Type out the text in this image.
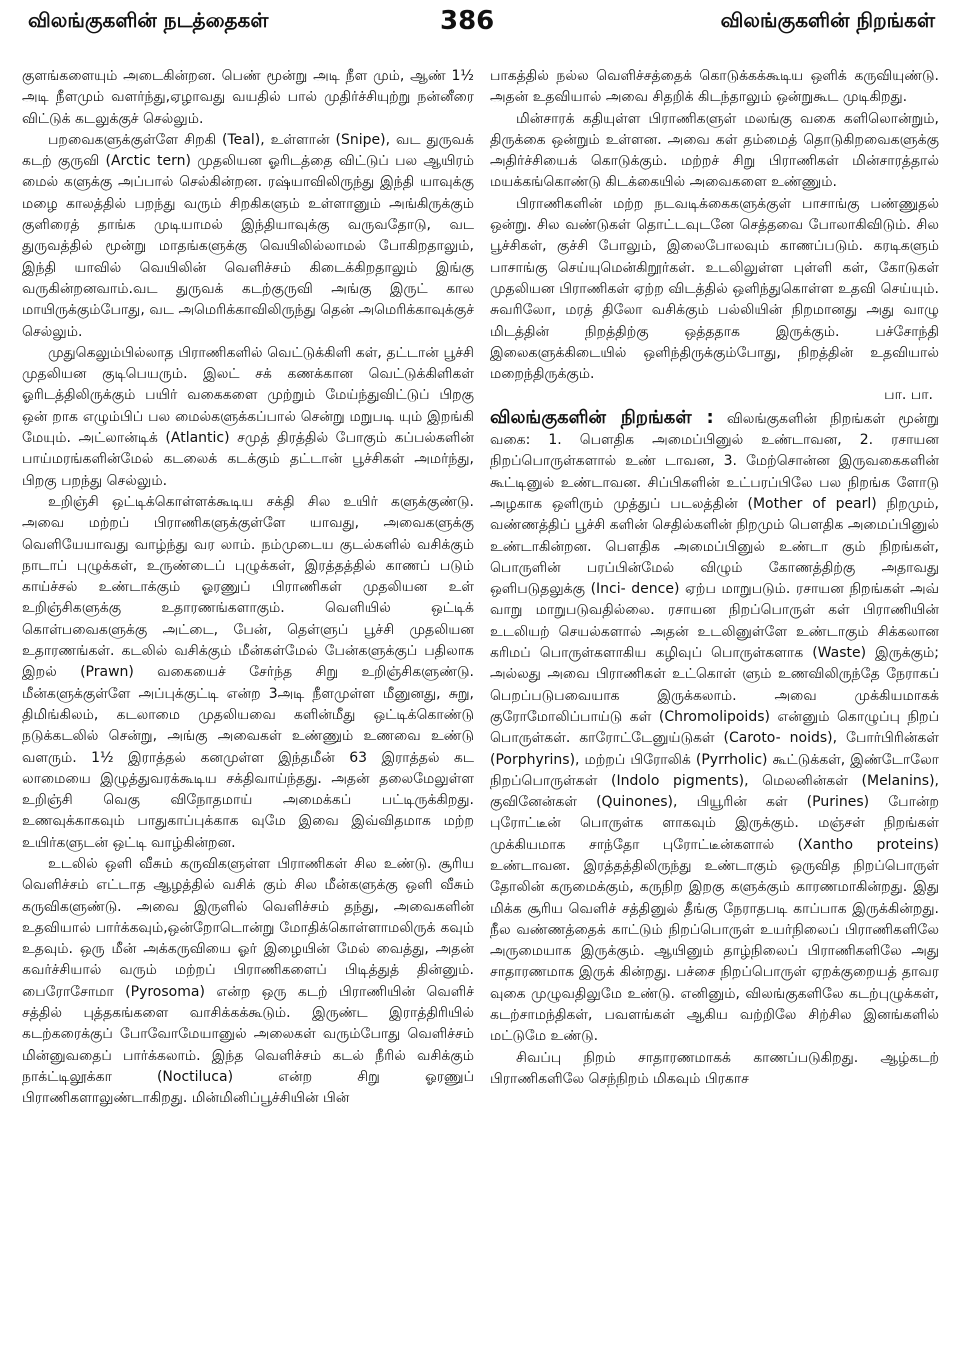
விலங்குகளின் நடத்தைகள்	386	விலங்குகளின் நிறங்கள்

குளங்களையும் அடைகின்றன. பெண் மூன்று அடி நீள மும், ஆண் 1½ அடி நீளமும் வளர்ந்து,ஏழாவது வயதில் பால் முதிர்ச்சியுற்று நன்னீரை விட்டுக் கடலுக்குச் செல்லும்.

பறவைகளுக்குள்ளே சிறகி (Teal), உள்ளான் (Snipe), வட துருவக் கடற் குருவி (Arctic tern) முதலியன ஓரிடத்தை விட்டுப் பல ஆயிரம் மைல் களுக்கு அப்பால் செல்கின்றன. ரஷ்யாவிலிருந்து இந்தி யாவுக்கு மழை காலத்தில் பறந்து வரும் சிறகிகளும் உள்ளானும் அங்கிருக்கும் குளிரைத் தாங்க முடியாமல் இந்தியாவுக்கு வருவதோடு, வட துருவத்தில் மூன்று மாதங்களுக்கு வெயிலில்லாமல் போகிறதாலும், இந்தி யாவில் வெயிலின் வெளிச்சம் கிடைக்கிறதாலும் இங்கு வருகின்றனவாம்.வட துருவக் கடற்குருவி அங்கு இருட் கால மாயிருக்கும்போது, வட அமெரிக்காவிலிருந்து தென் அமெரிக்காவுக்குச் செல்லும்.

முதுகெலும்பில்லாத பிராணிகளில் வெட்டுக்கிளி கள், தட்டான் பூச்சி முதலியன குடிபெயரும். இலட் சக் கணக்கான வெட்டுக்கிளிகள் ஓரிடத்திலிருக்கும் பயிர் வகைகளை முற்றும் மேய்ந்துவிட்டுப் பிறகு ஒன் றாக எழும்பிப் பல மைல்களுக்கப்பால் சென்று மறுபடி யும் இறங்கி மேயும். அட்லான்டிக் (Atlantic) சமுத் திரத்தில் போகும் கப்பல்களின் பாய்மரங்களின்மேல் கடலைக் கடக்கும் தட்டான் பூச்சிகள் அமர்ந்து, பிறகு பறந்து செல்லும்.

உறிஞ்சி ஒட்டிக்கொள்ளக்கூடிய சக்தி சில உயிர் களுக்குண்டு. அவை மற்றப் பிராணிகளுக்குள்ளே யாவது, அவைகளுக்கு வெளியேயாவது வாழ்ந்து வர லாம். நம்முடைய குடல்களில் வசிக்கும் நாடாப் புழுக்கள், உருண்டைப் புழுக்கள், இரத்தத்தில் காணப் படும் காய்ச்சல் உண்டாக்கும் ஓரணுப் பிராணிகள் முதலியன உள் உறிஞ்சிகளுக்கு உதாரணங்களாகும். வெளியில் ஒட்டிக் கொள்பவைகளுக்கு அட்டை, பேன், தெள்ளுப் பூச்சி முதலியன உதாரணங்கள். கடலில் வசிக்கும் மீன்கள்மேல் பேன்களுக்குப் பதிலாக இறல் (Prawn) வகையைச் சேர்ந்த சிறு உறிஞ்சிகளுண்டு. மீன்களுக்குள்ளே அப்புக்குட்டி என்ற 3அடி நீளமுள்ள மீனுனது, சுறு, திமிங்கிலம், கடலாமை முதலியவை களின்மீது ஒட்டிக்கொண்டு நடுக்கடலில் சென்று, அங்கு அவைகள் உண்ணும் உணவை உண்டு வளரும். 1½ இராத்தல் கனமுள்ள இந்தமீன் 63 இராத்தல் கட லாமையை இழுத்துவரக்கூடிய சக்திவாய்ந்தது. அதன் தலைமேலுள்ள உறிஞ்சி வெகு விநோதமாய் அமைக்கப் பட்டிருக்கிறது. உணவுக்காகவும் பாதுகாப்புக்காக வுமே இவை இவ்விதமாக மற்ற உயிர்களுடன் ஒட்டி வாழ்கின்றன.

உடலில் ஒளி வீசும் கருவிகளுள்ள பிராணிகள் சில உண்டு. சூரிய வெளிச்சம் எட்டாத ஆழத்தில் வசிக் கும் சில மீன்களுக்கு ஒளி வீசும் கருவிகளுண்டு. அவை இருளில் வெளிச்சம் தந்து, அவைகளின் உதவியால் பார்க்கவும்,ஒன்றோடொன்று மோதிக்கொள்ளாமலிருக் கவும் உதவும். ஒரு மீன் அக்கருவியை ஓர் இழையின் மேல் வைத்து, அதன் கவர்ச்சியால் வரும் மற்றப் பிராணிகளைப் பிடித்துத் தின்னும். பைரோசோமா (Pyrosoma) என்ற ஒரு கடற் பிராணியின் வெளிச் சத்தில் புத்தகங்களை வாசிக்கக்கூடும். இருண்ட இராத்திரியில் கடற்கரைக்குப் போவோமேயானுல் அலைகள் வரும்போது வெளிச்சம் மின்னுவதைப் பார்க்கலாம். இந்த வெளிச்சம் கடல் நீரில் வசிக்கும் நாக்ட்டிலூக்கா (Noctiluca) என்ற சிறு ஓரணுப் பிராணிகளாலுண்டாகிறது. மின்மினிப்பூச்சியின் பின்

பாகத்தில் நல்ல வெளிச்சத்தைக் கொடுக்கக்கூடிய ஒளிக் கருவியுண்டு. அதன் உதவியால் அவை சிதறிக் கிடந்தாலும் ஒன்றுகூட முடிகிறது.

மின்சாரக் கதியுள்ள பிராணிகளுள் மலங்கு வகை களிலொன்றும், திருக்கை ஒன்றும் உள்ளன. அவை கள் தம்மைத் தொடுகிறவைகளுக்கு அதிர்ச்சியைக் கொடுக்கும். மற்றச் சிறு பிராணிகள் மின்சாரத்தால் மயக்கங்கொண்டு கிடக்கையில் அவைகளை உண்ணும்.

பிராணிகளின் மற்ற நடவடிக்கைகளுக்குள் பாசாங்கு பண்ணுதல் ஒன்று. சில வண்டுகள் தொட்டவுடனே செத்தவை போலாகிவிடும். சில பூச்சிகள், குச்சி போலும், இலைபோலவும் காணப்படும். கரடிகளும் பாசாங்கு செய்யுமென்கிறூர்கள். உடலிலுள்ள புள்ளி கள், கோடுகள் முதலியன பிராணிகள் ஏற்ற விடத்தில் ஒளிந்துகொள்ள உதவி செய்யும். சுவரிலோ, மரத் திலோ வசிக்கும் பல்லியின் நிறமானது அது வாழு மிடத்தின் நிறத்திற்கு ஒத்ததாக இருக்கும். பச்சோந்தி இலைகளுக்கிடையில் ஒளிந்திருக்கும்போது, நிறத்தின் உதவியால் மறைந்திருக்கும்.

பா. பா.

விலங்குகளின் நிறங்கள் : விலங்குகளின் நிறங்கள் மூன்று வகை: 1. பௌதிக அமைப்பினுல் உண்டாவன, 2. ரசாயன நிறப்பொருள்களால் உண் டாவன, 3. மேற்சொன்ன இருவகைகளின் கூட்டினுல் உண்டாவன. சிப்பிகளின் உட்பரப்பிலே பல நிறங்க ளோடு அழகாக ஒளிரும் முத்துப் படலத்தின் (Mother of pearl) நிறமும், வண்ணத்திப் பூச்சி களின் செதில்களின் நிறமும் பௌதிக அமைப்பினுல் உண்டாகின்றன. பௌதிக அமைப்பினுல் உண்டா கும் நிறங்கள், பொருளின் பரப்பின்மேல் விழும் கோணத்திற்கு அதாவது ஒளிபடுதலுக்கு (Inci- dence) ஏற்ப மாறுபடும். ரசாயன நிறங்கள் அவ் வாறு மாறுபடுவதில்லை. ரசாயன நிறப்பொருள் கள் பிராணியின் உடலியற் செயல்களால் அதன் உடலினுள்ளே உண்டாகும் சிக்கலான கரிமப் பொருள்களாகிய கழிவுப் பொருள்களாக (Waste) இருக்கும்; அல்லது அவை பிராணிகள் உட்கொள் ளும் உணவிலிருந்தே நேராகப் பெறப்படுபவையாக இருக்கலாம். அவை முக்கியமாகக் குரோமோலிப்பாய்டு கள் (Chromolipoids) என்னும் கொழுப்பு நிறப் பொருள்கள். காரோட்டேனுய்டுகள் (Caroto- noids), போர்பிரின்கள் (Porphyrins), மற்றப் பிரோலிக் (Pyrrholic) கூட்டுக்கள், இண்டோலோ நிறப்பொருள்கள் (Indolo pigments), மெலனின்கள் (Melanins), குவினேன்கள் (Quinones), பியூரின் கள் (Purines) போன்ற புரோட்டீன் பொருள்க ளாகவும் இருக்கும். மஞ்சள் நிறங்கள் முக்கியமாக சாந்தோ புரோட்டீன்களால் (Xantho proteins) உண்டாவன. இரத்தத்திலிருந்து உண்டாகும் ஒருவித நிறப்பொருள் தோலின் கருமைக்கும், கருநிற இறகு களுக்கும் காரணமாகின்றது. இது மிக்க சூரிய வெளிச் சத்தினுல் தீங்கு நேராதபடி காப்பாக இருக்கின்றது. நீல வண்ணத்தைக் காட்டும் நிறப்பொருள் உயர்நிலைப் பிராணிகளிலே அருமையாக இருக்கும். ஆயினும் தாழ்நிலைப் பிராணிகளிலே அது சாதாரணமாக இருக் கின்றது. பச்சை நிறப்பொருள் ஏறக்குறையத் தாவர வுகை முழுவதிலுமே உண்டு. எனினும், விலங்குகளிலே கடற்புழுக்கள், கடற்சாமந்திகள், பவளங்கள் ஆகிய வற்றிலே சிற்சில இனங்களில் மட்டுமே உண்டு.

சிவப்பு நிறம் சாதாரணமாகக் காணப்படுகிறது. ஆழ்கடற் பிராணிகளிலே செந்நிறம் மிகவும் பிரகாச
